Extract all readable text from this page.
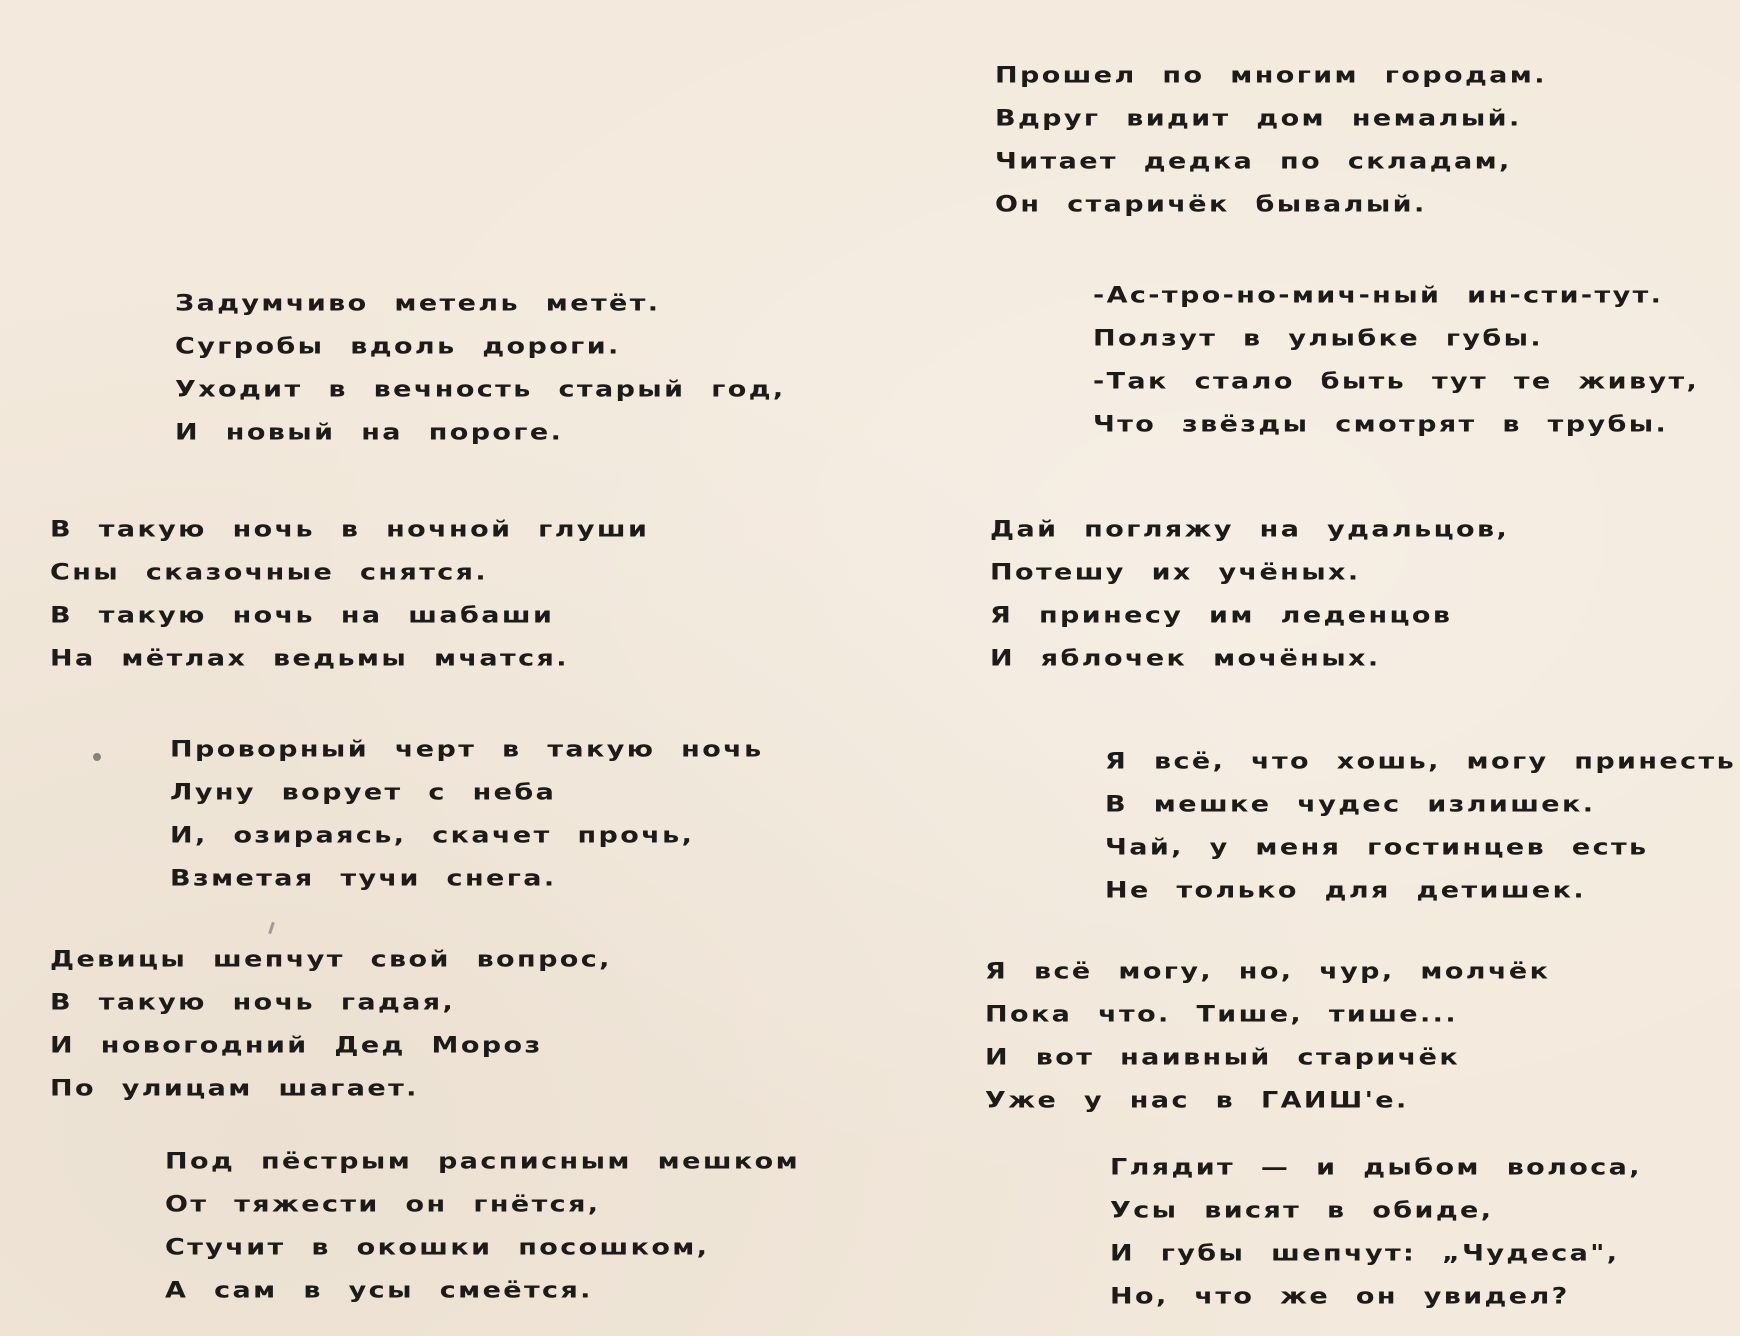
Задумчиво метель метёт.
Сугробы вдоль дороги.
Уходит в вечность старый год,
И новый на пороге.
В такую ночь в ночной глуши
Сны сказочные снятся.
В такую ночь на шабаши
На мётлах ведьмы мчатся.
Проворный черт в такую ночь
Луну ворует с неба
И, озираясь, скачет прочь,
Взметая тучи снега.
Девицы шепчут свой вопрос,
В такую ночь гадая,
И новогодний Дед Мороз
По улицам шагает.
Под пёстрым расписным мешком
От тяжести он гнётся,
Стучит в окошки посошком,
А сам в усы смеётся.
Прошел по многим городам.
Вдруг видит дом немалый.
Читает дедка по складам,
Он старичёк бывалый.
-Ас-тро-но-мич-ный ин-сти-тут.
Ползут в улыбке губы.
-Так стало быть тут те живут,
Что звёзды смотрят в трубы.
Дай погляжу на удальцов,
Потешу их учёных.
Я принесу им леденцов
И яблочек мочёных.
Я всё, что хошь, могу принесть
В мешке чудес излишек.
Чай, у меня гостинцев есть
Не только для детишек.
Я всё могу, но, чур, молчёк
Пока что. Тише, тише...
И вот наивный старичёк
Уже у нас в ГАИШ'е.
Глядит — и дыбом волоса,
Усы висят в обиде,
И губы шепчут: „Чудеса",
Но, что же он увидел?
